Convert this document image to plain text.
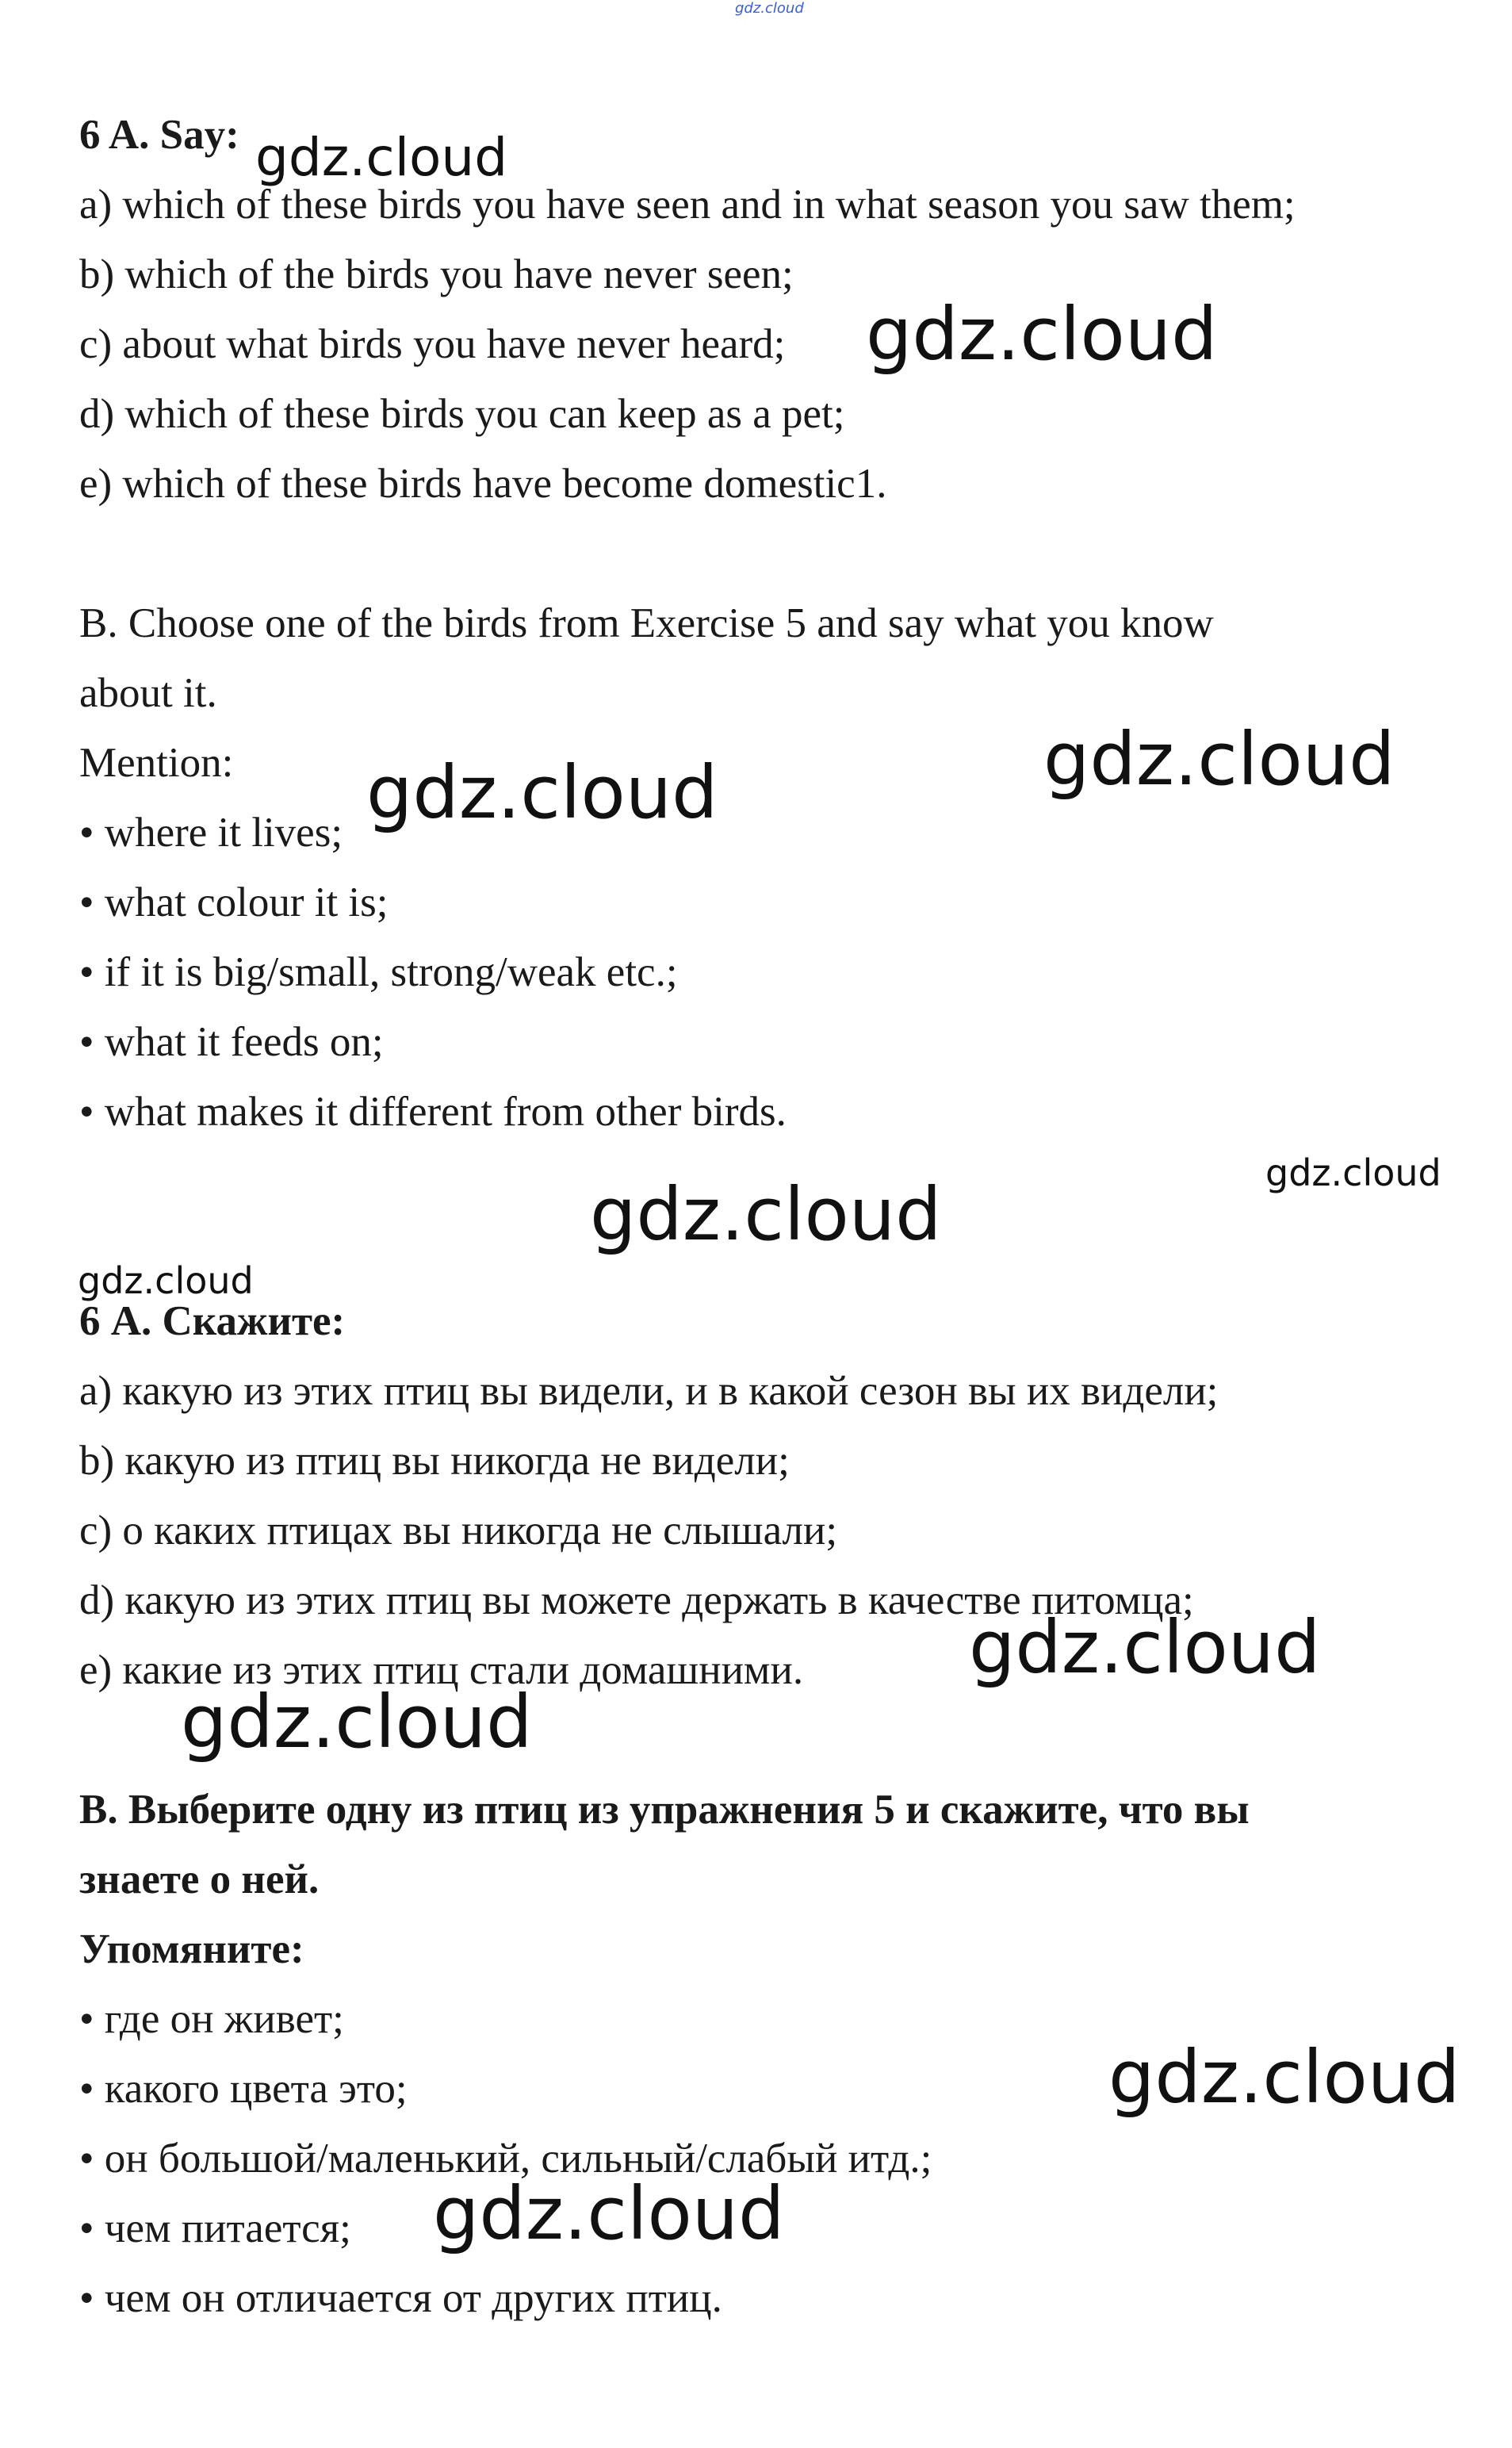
gdz.cloud
6 A. Say:
a) which of these birds you have seen and in what season you saw them;
b) which of the birds you have never seen;
c) about what birds you have never heard;
d) which of these birds you can keep as a pet;
e) which of these birds have become domestic1.
B. Choose one of the birds from Exercise 5 and say what you know
about it.
Mention:
• where it lives;
• what colour it is;
• if it is big/small, strong/weak etc.;
• what it feeds on;
• what makes it different from other birds.
6 А. Скажите:
a) какую из этих птиц вы видели, и в какой сезон вы их видели;
b) какую из птиц вы никогда не видели;
c) о каких птицах вы никогда не слышали;
d) какую из этих птиц вы можете держать в качестве питомца;
e) какие из этих птиц стали домашними.
В. Выберите одну из птиц из упражнения 5 и скажите, что вы
знаете о ней.
Упомяните:
• где он живет;
• какого цвета это;
• он большой/маленький, сильный/слабый итд.;
• чем питается;
• чем он отличается от других птиц.
gdz.cloud
gdz.cloud
gdz.cloud
gdz.cloud
gdz.cloud
gdz.cloud
gdz.cloud
gdz.cloud
gdz.cloud
gdz.cloud
gdz.cloud
